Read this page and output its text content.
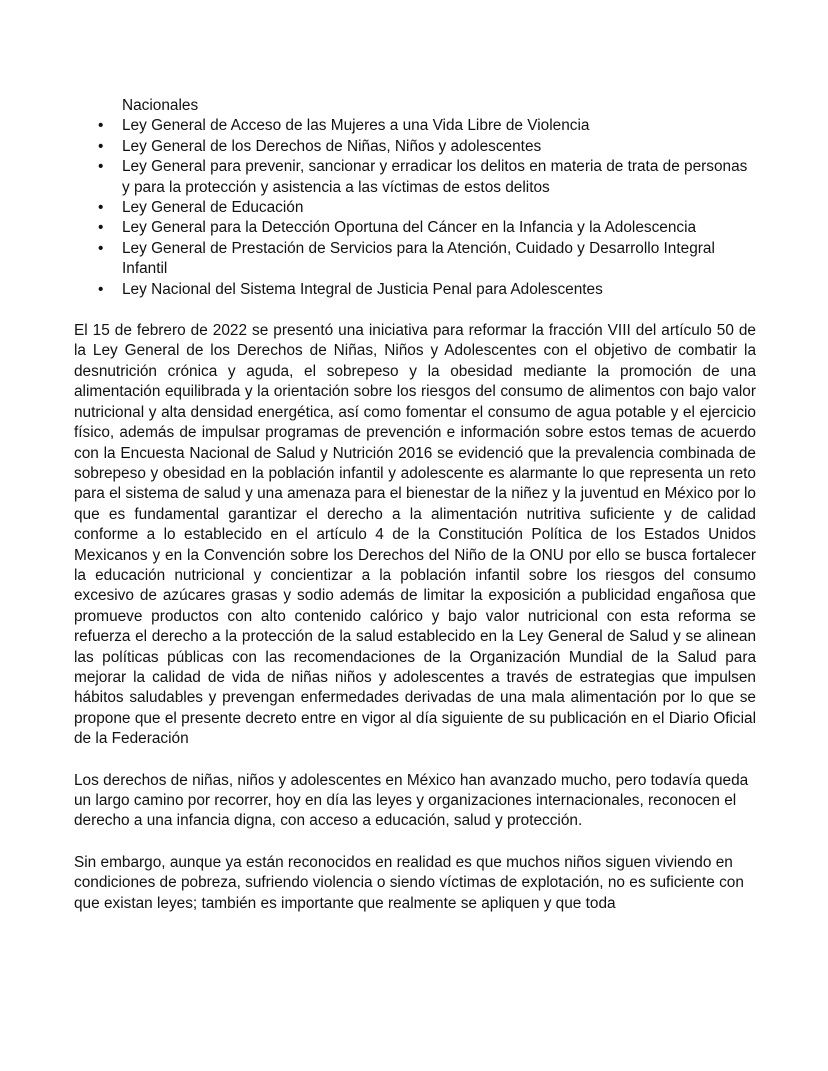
Nacionales
• Ley General de Acceso de las Mujeres a una Vida Libre de Violencia
• Ley General de los Derechos de Niñas, Niños y adolescentes
• Ley General para prevenir, sancionar y erradicar los delitos en materia de trata de personas y para la protección y asistencia a las víctimas de estos delitos
• Ley General de Educación
• Ley General para la Detección Oportuna del Cáncer en la Infancia y la Adolescencia
• Ley General de Prestación de Servicios para la Atención, Cuidado y Desarrollo Integral Infantil
• Ley Nacional del Sistema Integral de Justicia Penal para Adolescentes

El 15 de febrero de 2022 se presentó una iniciativa para reformar la fracción VIII del artículo 50 de la Ley General de los Derechos de Niñas, Niños y Adolescentes con el objetivo de combatir la desnutrición crónica y aguda, el sobrepeso y la obesidad mediante la promoción de una alimentación equilibrada y la orientación sobre los riesgos del consumo de alimentos con bajo valor nutricional y alta densidad energética, así como fomentar el consumo de agua potable y el ejercicio físico, además de impulsar programas de prevención e información sobre estos temas de acuerdo con la Encuesta Nacional de Salud y Nutrición 2016 se evidenció que la prevalencia combinada de sobrepeso y obesidad en la población infantil y adolescente es alarmante lo que representa un reto para el sistema de salud y una amenaza para el bienestar de la niñez y la juventud en México por lo que es fundamental garantizar el derecho a la alimentación nutritiva suficiente y de calidad conforme a lo establecido en el artículo 4 de la Constitución Política de los Estados Unidos Mexicanos y en la Convención sobre los Derechos del Niño de la ONU por ello se busca fortalecer la educación nutricional y concientizar a la población infantil sobre los riesgos del consumo excesivo de azúcares grasas y sodio además de limitar la exposición a publicidad engañosa que promueve productos con alto contenido calórico y bajo valor nutricional con esta reforma se refuerza el derecho a la protección de la salud establecido en la Ley General de Salud y se alinean las políticas públicas con las recomendaciones de la Organización Mundial de la Salud para mejorar la calidad de vida de niñas niños y adolescentes a través de estrategias que impulsen hábitos saludables y prevengan enfermedades derivadas de una mala alimentación por lo que se propone que el presente decreto entre en vigor al día siguiente de su publicación en el Diario Oficial de la Federación

Los derechos de niñas, niños y adolescentes en México han avanzado mucho, pero todavía queda un largo camino por recorrer, hoy en día las leyes y organizaciones internacionales, reconocen el derecho a una infancia digna, con acceso a educación, salud y protección.

Sin embargo, aunque ya están reconocidos en realidad es que muchos niños siguen viviendo en condiciones de pobreza, sufriendo violencia o siendo víctimas de explotación, no es suficiente con que existan leyes; también es importante que realmente se apliquen y que toda
